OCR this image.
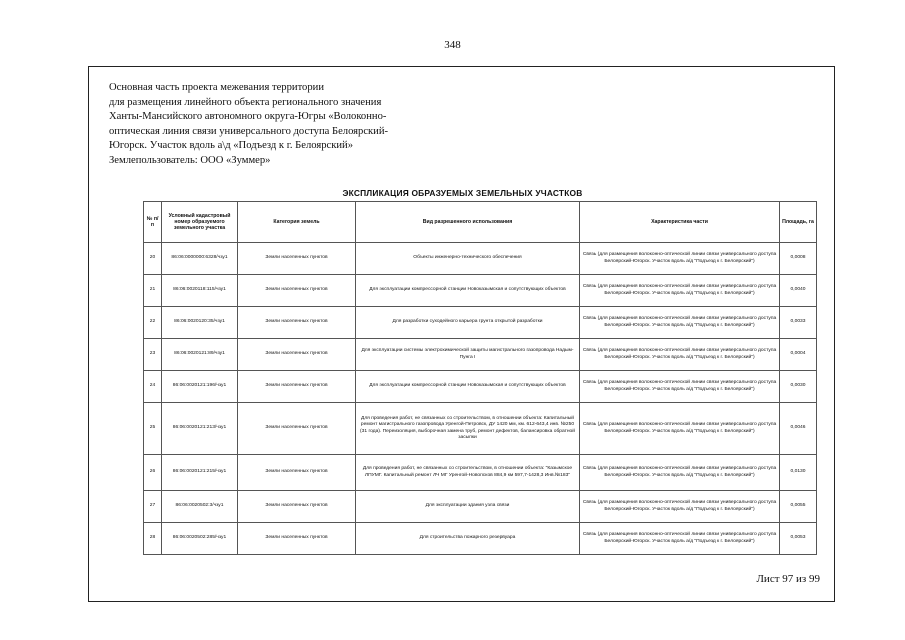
348
Основная часть проекта межевания территории
для размещения линейного объекта регионального значения
Ханты-Мансийского автономного округа-Югры «Волоконно-
оптическая линия связи универсального доступа Белоярский-
Югорск. Участок вдоль а\д «Подъезд к г. Белоярский»
Землепользователь: ООО «Зуммер»
ЭКСПЛИКАЦИЯ ОБРАЗУЕМЫХ ЗЕМЕЛЬНЫХ УЧАСТКОВ
№ п/п	Условный кадастровый номер образуемого земельного участка	Категория земель	Вид разрешенного использования	Характеристика части	Площадь, га
20	86:06:0000000:6328/чзу1	Земли населенных пунктов	Объекты инженерно-технического обеспечения	Связь (для размещения волоконно-оптической линии связи универсального доступа Белоярский-Югорск. Участок вдоль а/д "Подъезд к г. Белоярский")	0,0008
21	86:06:0020118:115/чзу1	Земли населенных пунктов	Для эксплуатации компрессорной станции Новоказымская и сопутствующих объектов	Связь (для размещения волоконно-оптической линии связи универсального доступа Белоярский-Югорск. Участок вдоль а/д "Подъезд к г. Белоярский")	0,0040
22	86:06:0020120:35/чзу1	Земли населенных пунктов	Для разработки суходейного карьера грунта открытой разработки	Связь (для размещения волоконно-оптической линии связи универсального доступа Белоярский-Югорск. Участок вдоль а/д "Подъезд к г. Белоярский")	0,0033
23	86:06:0020121:89/чзу1	Земли населенных пунктов	Для эксплуатации системы электрохимической защиты магистрального газопровода Надым-Пунга I	Связь (для размещения волоконно-оптической линии связи универсального доступа Белоярский-Югорск. Участок вдоль а/д "Подъезд к г. Белоярский")	0,0004
24	86:06:0020121:196/чзу1	Земли населенных пунктов	Для эксплуатации компрессорной станции Новоказымская и сопутствующих объектов	Связь (для размещения волоконно-оптической линии связи универсального доступа Белоярский-Югорск. Участок вдоль а/д "Подъезд к г. Белоярский")	0,0030
25	86:06:0020121:213/чзу1	Земли населенных пунктов	Для проведения работ, не связанных со строительством, в отношении объекта: Капитальный ремонт магистрального газопровода Уренгой-Петровск, ДУ 1420 мм, км. 612-643,4 инв. №250 (31 года). Переизоляция, выборочная замена труб, ремонт дефектов, балансировка обратной засыпки	Связь (для размещения волоконно-оптической линии связи универсального доступа Белоярский-Югорск. Участок вдоль а/д "Подъезд к г. Белоярский")	0,0046
26	86:06:0020121:215/чзу1	Земли населенных пунктов	Для проведения работ, не связанных со строительством, в отношении объекта: "Казымское ЛПУМГ. Капитальный ремонт ЛЧ МГ Уренгой-Новопсков 884,9 км 597,7-1428,3 Инв.№183"	Связь (для размещения волоконно-оптической линии связи универсального доступа Белоярский-Югорск. Участок вдоль а/д "Подъезд к г. Белоярский")	0,0130
27	86:06:0020502:3/чзу1	Земли населенных пунктов	Для эксплуатации здания узла связи	Связь (для размещения волоконно-оптической линии связи универсального доступа Белоярский-Югорск. Участок вдоль а/д "Подъезд к г. Белоярский")	0,0055
28	86:06:0020502:285/чзу1	Земли населенных пунктов	Для строительства пожарного резервуара	Связь (для размещения волоконно-оптической линии связи универсального доступа Белоярский-Югорск. Участок вдоль а/д "Подъезд к г. Белоярский")	0,0053
Лист 97 из 99
